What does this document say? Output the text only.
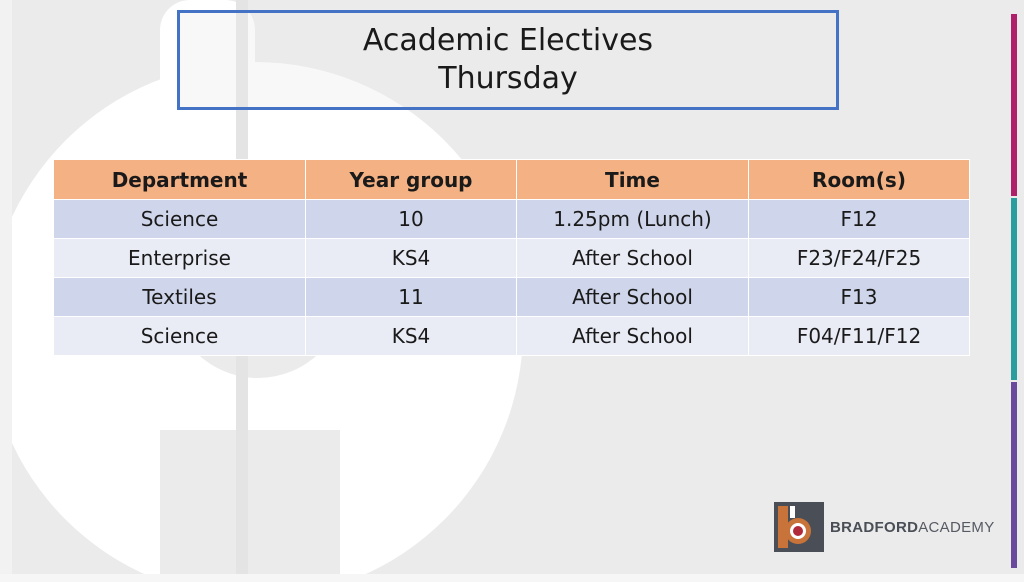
Academic Electives
Thursday
Department	Year group	Time	Room(s)
Science	10	1.25pm (Lunch)	F12
Enterprise	KS4	After School	F23/F24/F25
Textiles	11	After School	F13
Science	KS4	After School	F04/F11/F12
BRADFORDACADEMY
